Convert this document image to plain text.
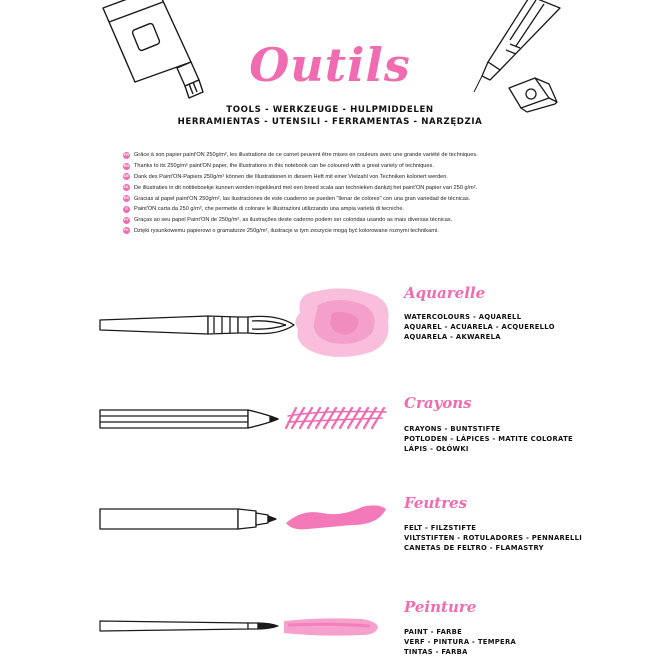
Outils
TOOLS - WERKZEUGE - HULPMIDDELEN
HERRAMIENTAS - UTENSILI - FERRAMENTAS - NARZĘDZIA
FR Grâce à son papier paint'ON 250g/m², les illustrations de ce carnet peuvent être mises en couleurs avec une grande variété de techniques.
EN Thanks to its 250g/m² paint'ON paper, the illustrations in this notebook can be coloured with a great variety of techniques.
DE Dank des Paint'ON-Papiers 250g/m² können die Illustrationen in diesem Heft mit einer Vielzahl von Techniken koloriert werden.
NL De illustraties in dit notitieboekje kunnen worden ingekleurd met een breed scala aan technieken dankzij het paint'ON papier van 250 g/m².
ES Gracias al papel paint'ON 250g/m², las ilustraciones de este cuaderno se pueden "llenar de colores" con una gran variedad de técnicas.
IT	Paint'ON carta da 250 g/m², che permette di colorare le illustrazioni utilizzando una ampia varietà di tecniche.
PT Graças ao seu papel Paint'ON de 250g/m², as ilustrações deste caderno podem ser coloridas usando as mais diversas técnicas.
PL Dzięki rysunkowemu papierowi o gramaturze 250g/m², ilustracje w tym zeszycie mogą być kolorowane roznymi technikami.
Aquarelle
WATERCOLOURS - AQUARELL
AQUAREL - ACUARELA - ACQUERELLO
AQUARELA - AKWARELA
Crayons
CRAYONS - BUNTSTIFTE
POTLODEN - LÁPICES - MATITE COLORATE
LÁPIS - OŁÓWKI
Feutres
FELT - FILZSTIFTE
VILTSTIFTEN - ROTULADORES - PENNARELLI
CANETAS DE FELTRO - FLAMASTRY
Peinture
PAINT - FARBE
VERF - PINTURA - TEMPERA
TINTAS - FARBA
